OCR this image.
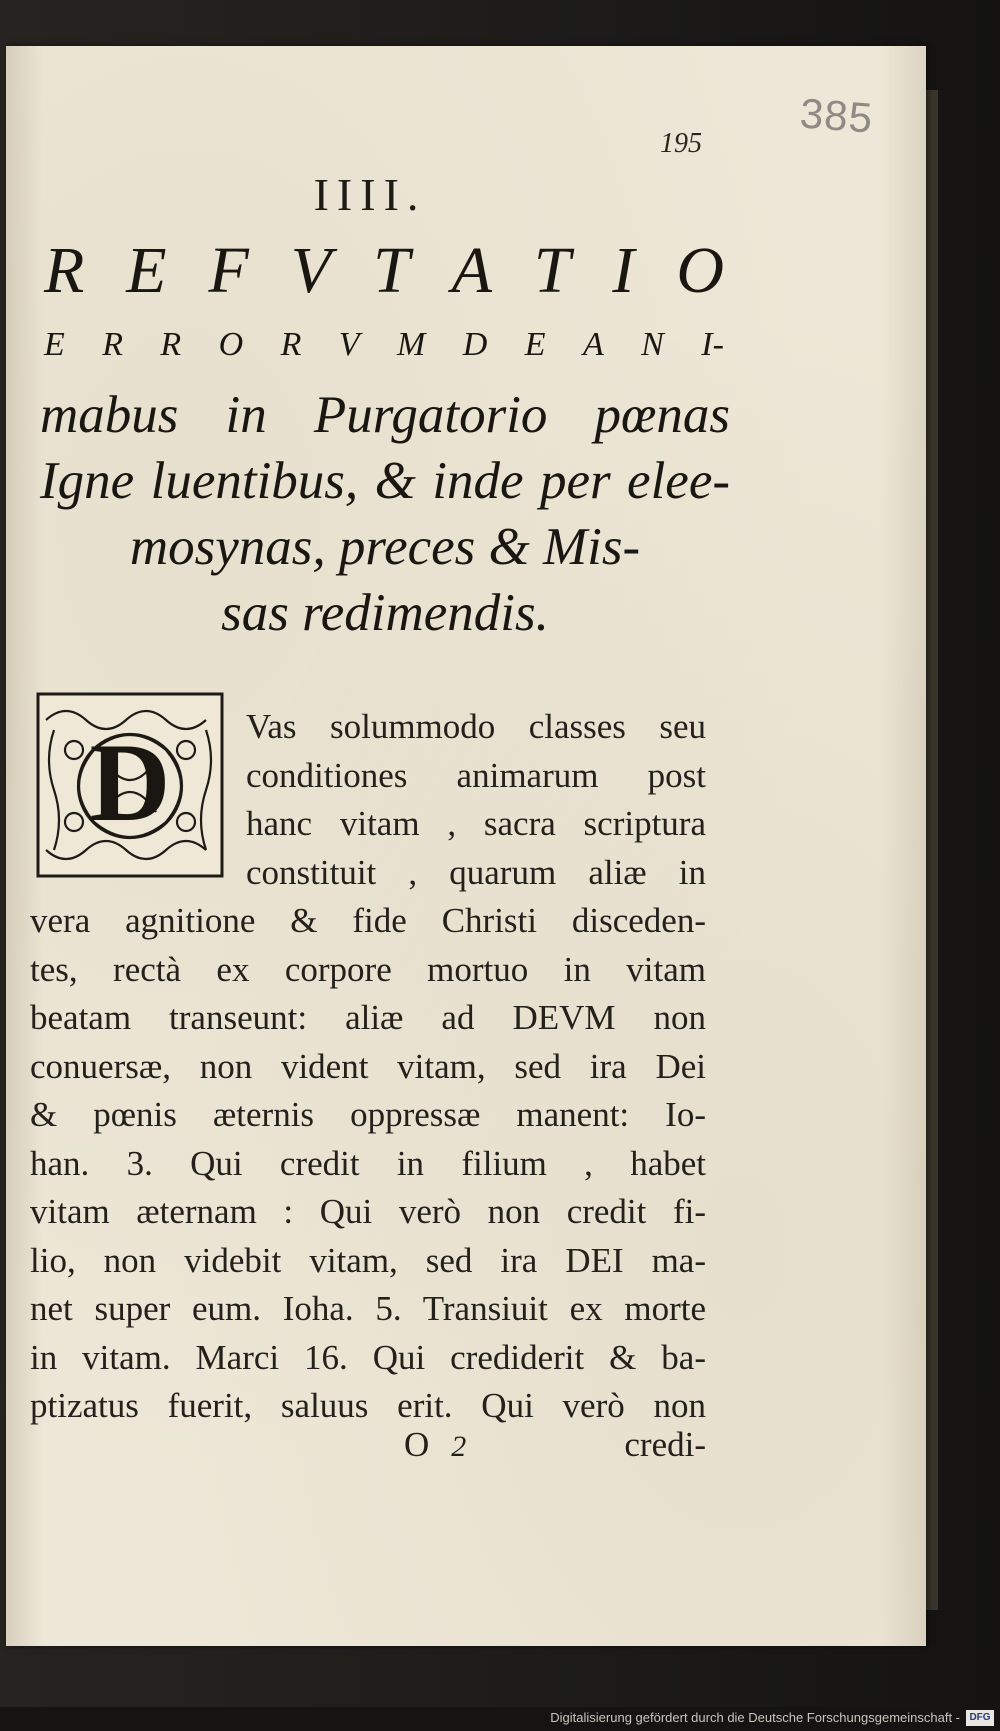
195
385
IIII.
R E F V T A T I O
E R R O R V M D E A N I-
mabus in Purgatorio pœnas
Igne luentibus, & inde per elee-
mosynas, preces & Mis-
sas redimendis.
D Vas solummodo classes seu
conditiones animarum post
hanc vitam , sacra scriptura
constituit , quarum aliæ in
vera agnitione & fide Christi disceden-
tes, rectà ex corpore mortuo in vitam
beatam transeunt: aliæ ad DEVM non
conuersæ, non vident vitam, sed ira Dei
& pœnis æternis oppressæ manent: Io-
han. 3. Qui credit in filium , habet
vitam æternam : Qui verò non credit fi-
lio, non videbit vitam, sed ira DEI ma-
net super eum. Ioha. 5. Transiuit ex morte
in vitam. Marci 16. Qui crediderit & ba-
ptizatus fuerit, saluus erit. Qui verò non
O 2	credi-
Digitalisierung gefördert durch die Deutsche Forschungsgemeinschaft - DFG
